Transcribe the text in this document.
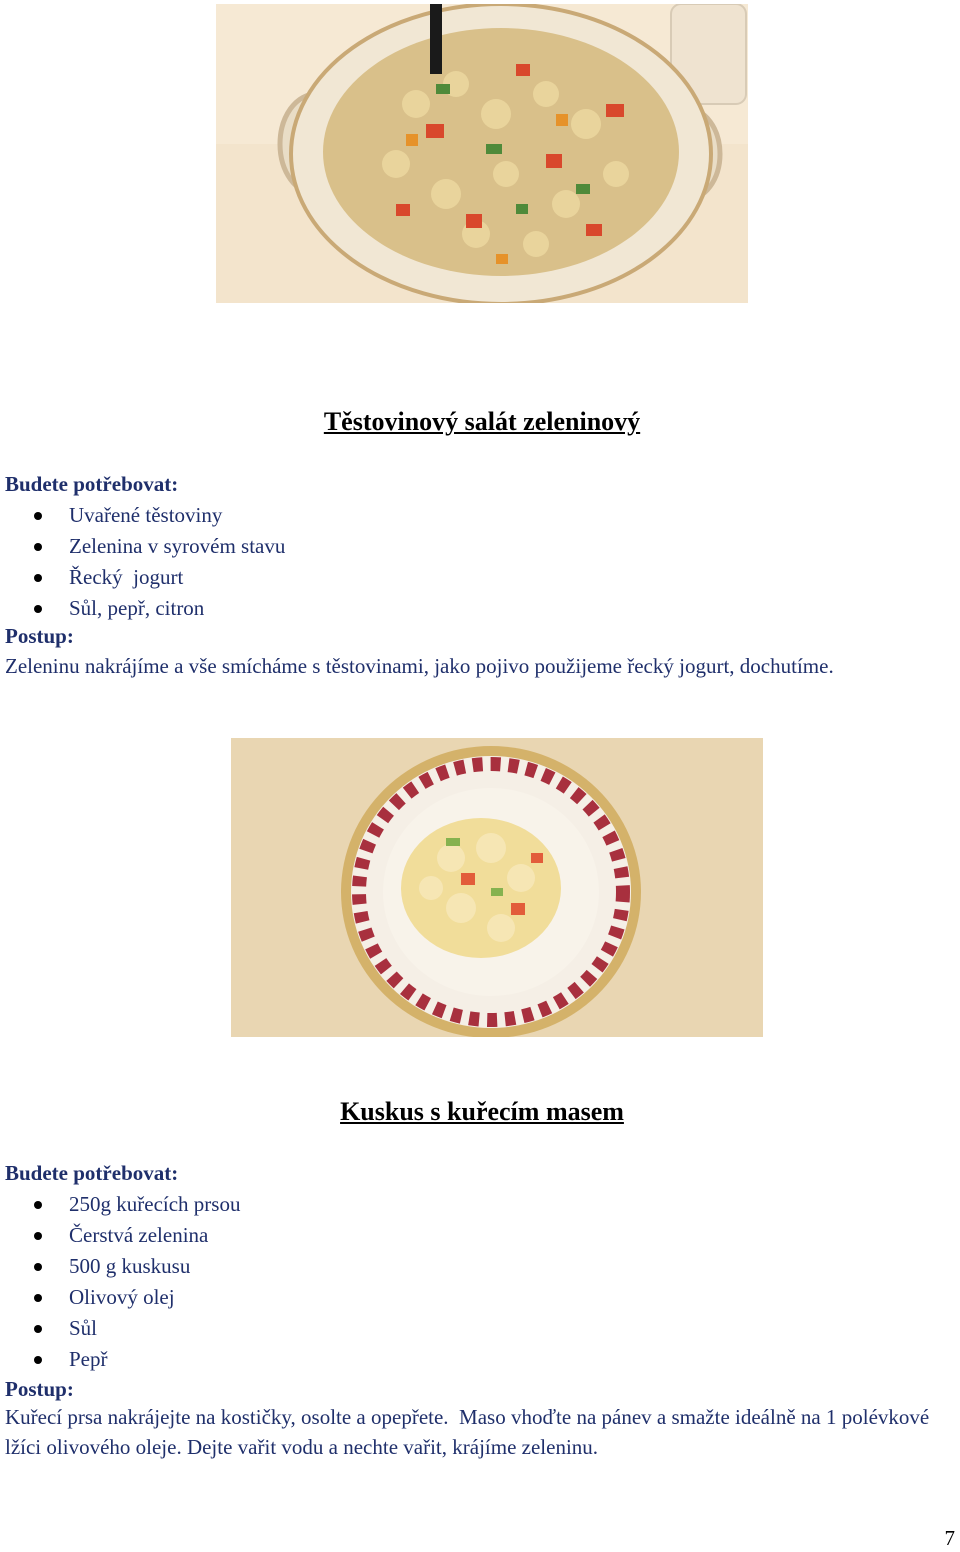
Těstovinový salát zeleninový

Budete potřebovat:

Uvařené těstoviny
Zelenina v syrovém stavu
Řecký  jogurt
Sůl, pepř, citron

Postup:

Zeleninu nakrájíme a vše smícháme s těstovinami, jako pojivo použijeme řecký jogurt, dochutíme.

Kuskus s kuřecím masem

Budete potřebovat:

250g kuřecích prsou
Čerstvá zelenina
500 g kuskusu
Olivový olej
Sůl
Pepř

Postup:

Kuřecí prsa nakrájejte na kostičky, osolte a opepřete.  Maso vhoďte na pánev a smažte ideálně na 1 polévkové lžíci olivového oleje. Dejte vařit vodu a nechte vařit, krájíme zeleninu.

7
